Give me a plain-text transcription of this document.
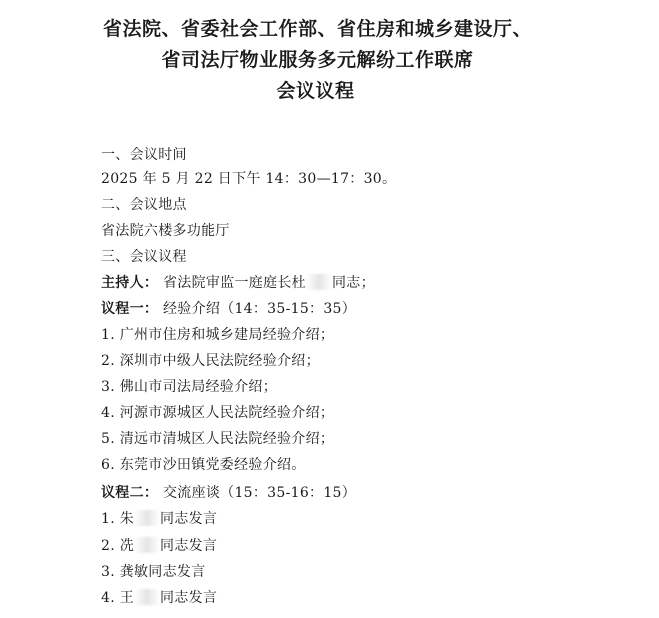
省法院、省委社会工作部、省住房和城乡建设厅、
省司法厅物业服务多元解纷工作联席
会议议程
一、会议时间
2025 年 5 月 22 日下午 14：30—17：30。
二、会议地点
省法院六楼多功能厅
三、会议议程
主持人： 省法院审监一庭庭长杜 同志；
议程一： 经验介绍（14：35-15：35）
1. 广州市住房和城乡建局经验介绍；
2. 深圳市中级人民法院经验介绍；
3. 佛山市司法局经验介绍；
4. 河源市源城区人民法院经验介绍；
5. 清远市清城区人民法院经验介绍；
6. 东莞市沙田镇党委经验介绍。
议程二： 交流座谈（15：35-16：15）
1. 朱 同志发言
2. 冼 同志发言
3. 龚敏同志发言
4. 王 同志发言
